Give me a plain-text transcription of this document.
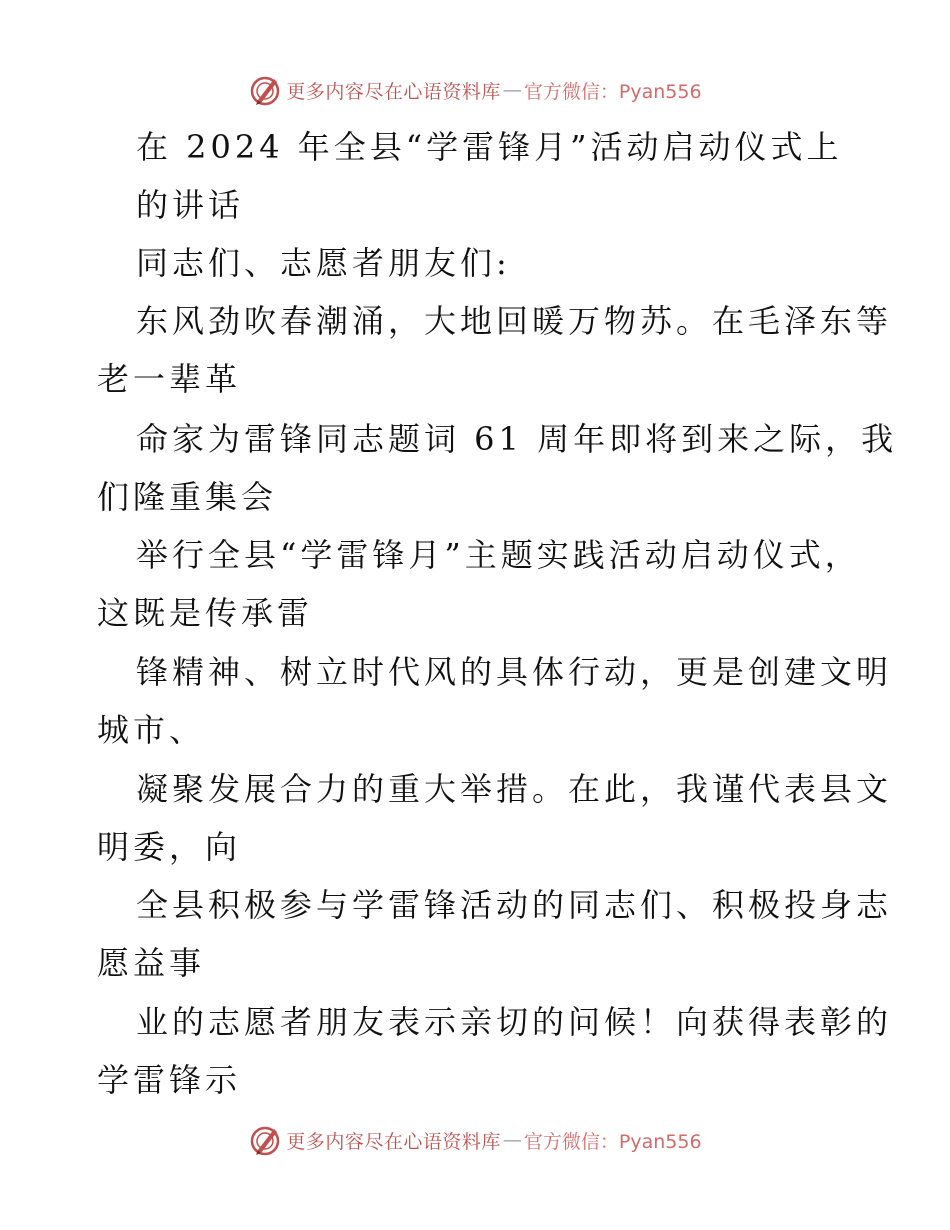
更多内容尽在心语资料库 — 官方微信：Pyan556
在 2024 年全县“学雷锋月”活动启动仪式上
的讲话
同志们、志愿者朋友们:
东风劲吹春潮涌，大地回暖万物苏。在毛泽东等
老一辈革
命家为雷锋同志题词 61 周年即将到来之际，我
们隆重集会
举行全县“学雷锋月”主题实践活动启动仪式，
这既是传承雷
锋精神、树立时代风的具体行动，更是创建文明
城市、
凝聚发展合力的重大举措。在此，我谨代表县文
明委，向
全县积极参与学雷锋活动的同志们、积极投身志
愿益事
业的志愿者朋友表示亲切的问候！向获得表彰的
学雷锋示
更多内容尽在心语资料库 — 官方微信：Pyan556
